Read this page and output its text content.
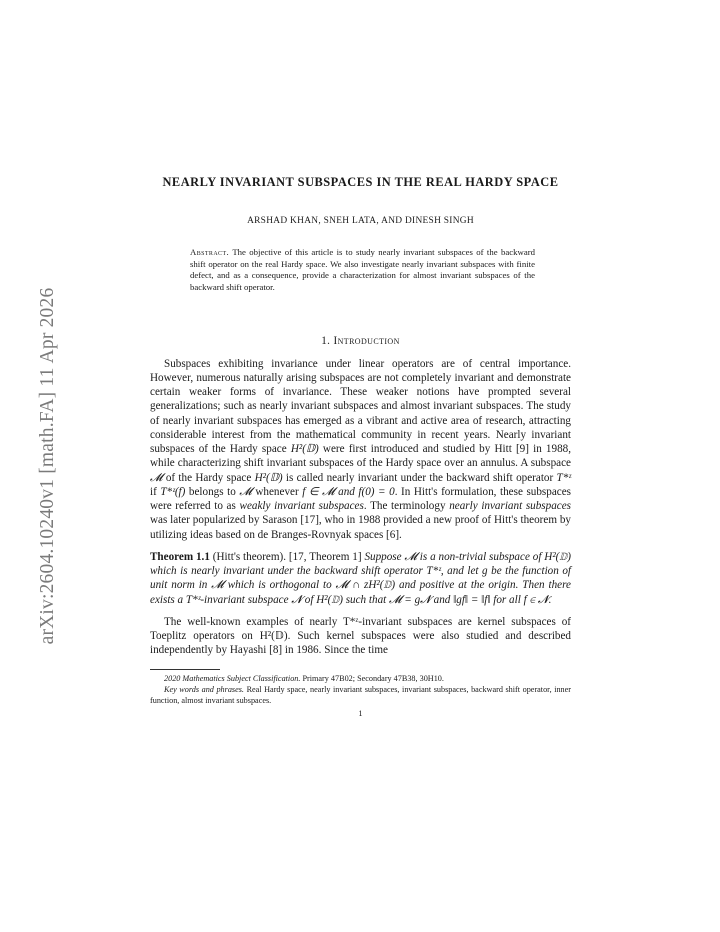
arXiv:2604.10240v1 [math.FA] 11 Apr 2026
NEARLY INVARIANT SUBSPACES IN THE REAL HARDY SPACE
ARSHAD KHAN, SNEH LATA, AND DINESH SINGH
Abstract. The objective of this article is to study nearly invariant subspaces of the backward shift operator on the real Hardy space. We also investigate nearly invariant subspaces with finite defect, and as a consequence, provide a characterization for almost invariant subspaces of the backward shift operator.
1. Introduction

Subspaces exhibiting invariance under linear operators are of central importance. However, numerous naturally arising subspaces are not completely invariant and demonstrate certain weaker forms of invariance. These weaker notions have prompted several generalizations; such as nearly invariant subspaces and almost invariant subspaces. The study of nearly invariant subspaces has emerged as a vibrant and active area of research, attracting considerable interest from the mathematical community in recent years. Nearly invariant subspaces of the Hardy space H²(𝔻) were first introduced and studied by Hitt [9] in 1988, while characterizing shift invariant subspaces of the Hardy space over an annulus. A subspace 𝓜 of the Hardy space H²(𝔻) is called nearly invariant under the backward shift operator T*ᶻ if T*ᶻ(f) belongs to 𝓜 whenever f ∈ 𝓜 and f(0) = 0. In Hitt's formulation, these subspaces were referred to as weakly invariant subspaces. The terminology nearly invariant subspaces was later popularized by Sarason [17], who in 1988 provided a new proof of Hitt's theorem by utilizing ideas based on de Branges-Rovnyak spaces [6].

Theorem 1.1 (Hitt's theorem). [17, Theorem 1] Suppose 𝓜 is a non-trivial subspace of H²(𝔻) which is nearly invariant under the backward shift operator T*ᶻ, and let g be the function of unit norm in 𝓜 which is orthogonal to 𝓜 ∩ zH²(𝔻) and positive at the origin. Then there exists a T*ᶻ-invariant subspace 𝓝 of H²(𝔻) such that 𝓜 = g𝓝 and ‖gf‖ = ‖f‖ for all f ∈ 𝓝.

The well-known examples of nearly T*ᶻ-invariant subspaces are kernel subspaces of Toeplitz operators on H²(𝔻). Such kernel subspaces were also studied and described independently by Hayashi [8] in 1986. Since the time

2020 Mathematics Subject Classification. Primary 47B02; Secondary 47B38, 30H10.

Key words and phrases. Real Hardy space, nearly invariant subspaces, invariant subspaces, backward shift operator, inner function, almost invariant subspaces.

1
